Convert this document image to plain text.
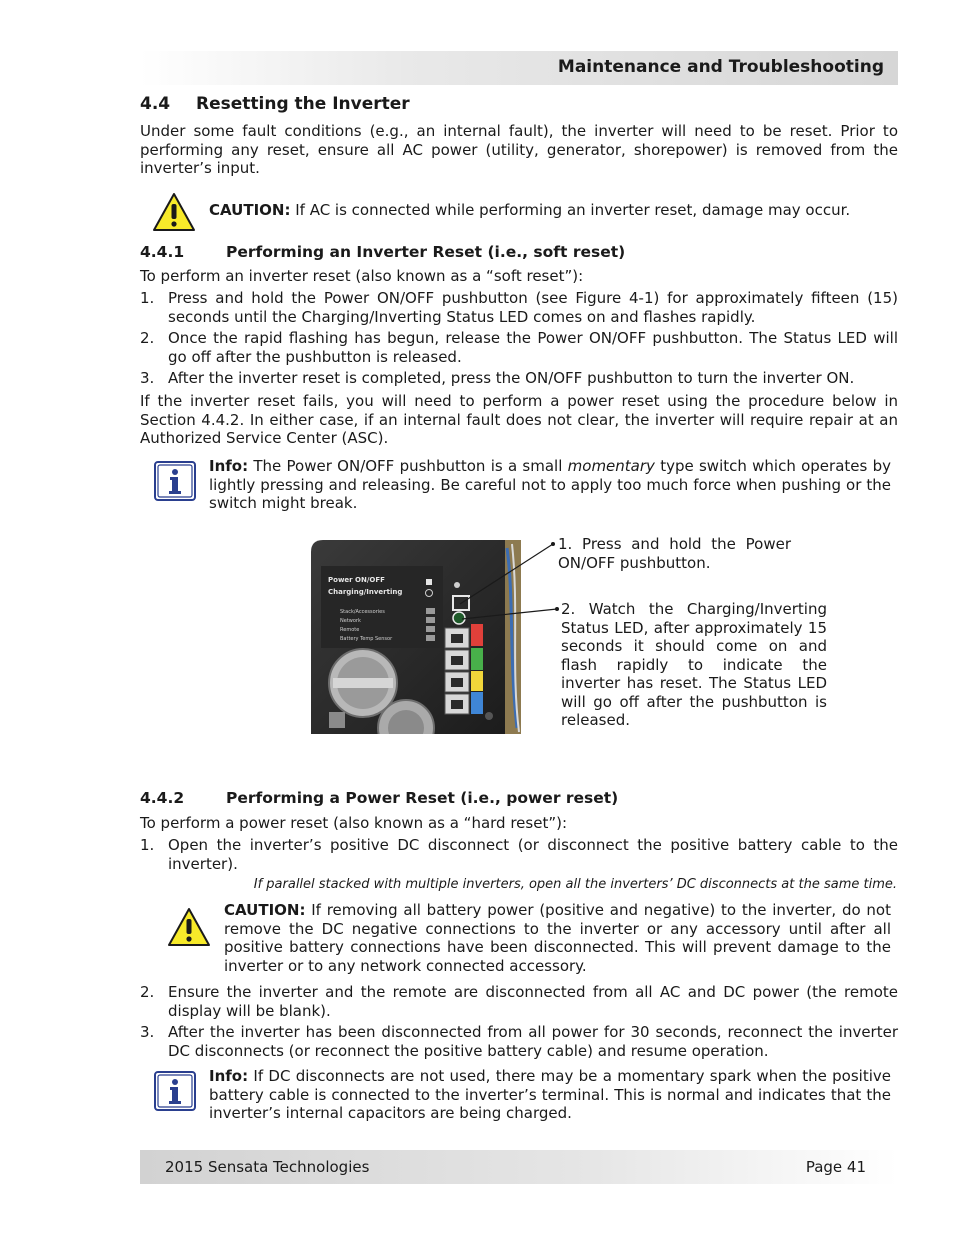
Maintenance and Troubleshooting
4.4 Resetting the Inverter
Under some fault conditions (e.g., an internal fault), the inverter will need to be reset. Prior to performing any reset, ensure all AC power (utility, generator, shorepower) is removed from the inverter’s input.
CAUTION: If AC is connected while performing an inverter reset, damage may occur.
4.4.1	Performing an Inverter Reset (i.e., soft reset)
To perform an inverter reset (also known as a “soft reset”):
1. Press and hold the Power ON/OFF pushbutton (see Figure 4-1) for approximately fifteen (15) seconds until the Charging/Inverting Status LED comes on and flashes rapidly.
2. Once the rapid flashing has begun, release the Power ON/OFF pushbutton. The Status LED will go off after the pushbutton is released.
3. After the inverter reset is completed, press the ON/OFF pushbutton to turn the inverter ON.
If the inverter reset fails, you will need to perform a power reset using the procedure below in Section 4.4.2. In either case, if an internal fault does not clear, the inverter will require repair at an Authorized Service Center (ASC).
Info: The Power ON/OFF pushbutton is a small momentary type switch which operates by lightly pressing and releasing. Be careful not to apply too much force when pushing or the switch might break.
Power ON/OFF
Charging/Inverting
Stack/Accessories
Network
Remote
Battery Temp Sensor
1. Press and hold the Power ON/OFF pushbutton.
2. Watch the Charging/Inverting Status LED, after approximately 15 seconds it should come on and flash rapidly to indicate the inverter has reset. The Status LED will go off after the pushbutton is released.
4.4.2	Performing a Power Reset (i.e., power reset)
To perform a power reset (also known as a “hard reset”):
1. Open the inverter’s positive DC disconnect (or disconnect the positive battery cable to the inverter).
If parallel stacked with multiple inverters, open all the inverters’ DC disconnects at the same time.
CAUTION: If removing all battery power (positive and negative) to the inverter, do not remove the DC negative connections to the inverter or any accessory until after all positive battery connections have been disconnected. This will prevent damage to the inverter or to any network connected accessory.
2. Ensure the inverter and the remote are disconnected from all AC and DC power (the remote display will be blank).
3. After the inverter has been disconnected from all power for 30 seconds, reconnect the inverter DC disconnects (or reconnect the positive battery cable) and resume operation.
Info: If DC disconnects are not used, there may be a momentary spark when the positive battery cable is connected to the inverter’s terminal. This is normal and indicates that the inverter’s internal capacitors are being charged.
2015 Sensata Technologies	Page 41
